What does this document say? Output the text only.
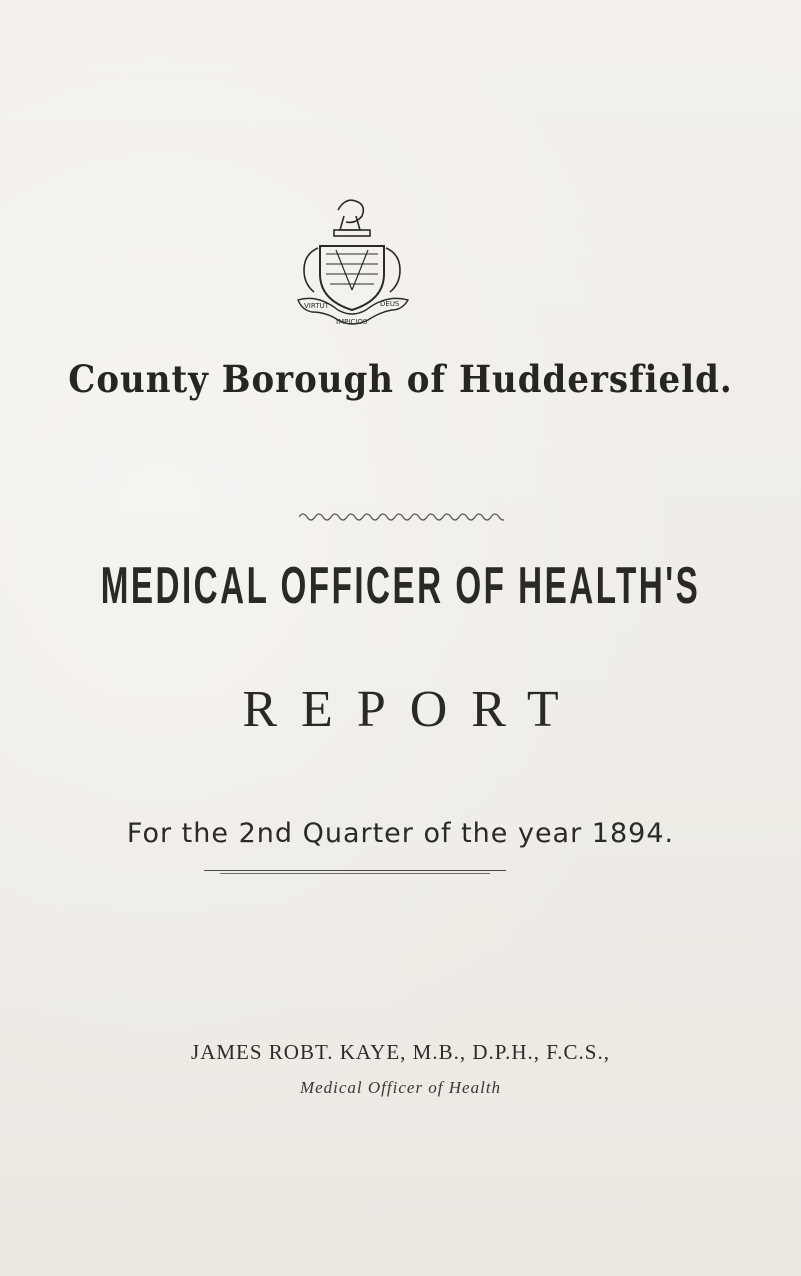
VIRTUT	DEUS
IMPICIOS
County Borough of Huddersfield.
MEDICAL OFFICER OF HEALTH'S
REPORT
For the 2nd Quarter of the year 1894.
JAMES ROBT. KAYE, M.B., D.P.H., F.C.S.,
Medical Officer of Health
